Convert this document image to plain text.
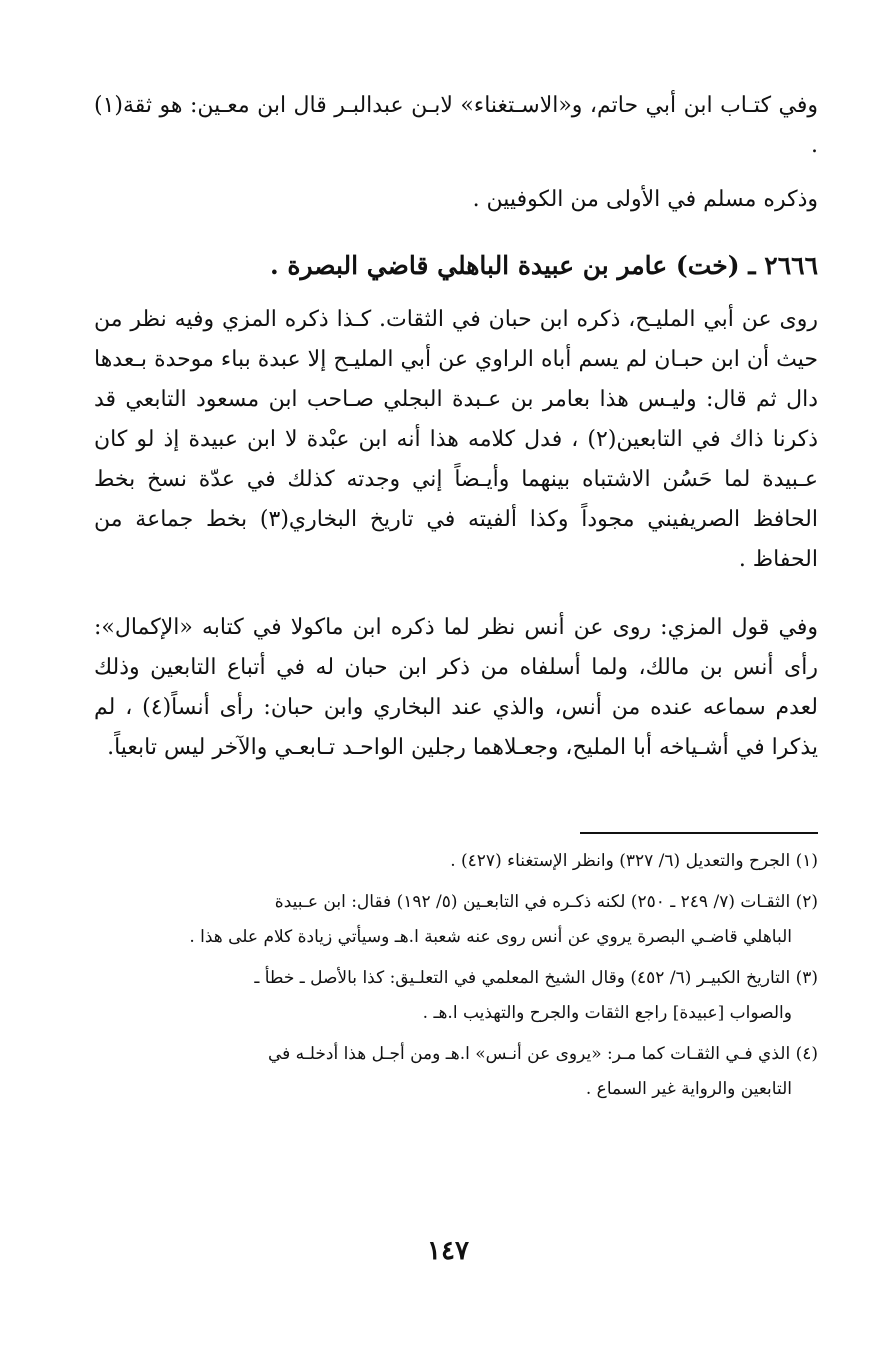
وفي كتـاب ابن أبي حاتم، و«الاسـتغناء» لابـن عبدالبـر قال ابن معـين: هو ثقة(١) .

وذكره مسلم في الأولى من الكوفيين .

٢٦٦٦ ـ (خت) عامر بن عبيدة الباهلي قاضي البصرة .

روى عن أبي المليـح، ذكره ابن حبان في الثقات. كـذا ذكره المزي وفيه نظر من حيث أن ابن حبـان لم يسم أباه الراوي عن أبي المليـح إلا عبدة بباء موحدة بـعدها دال ثم قال: وليـس هذا بعامر بن عـبدة البجلي صـاحب ابن مسعود التابعي قد ذكرنا ذاك في التابعين(٢) ، فدل كلامه هذا أنه ابن عبْدة لا ابن عبيدة إذ لو كان عـبيدة لما حَسُن الاشتباه بينهما وأيـضاً إني وجدته كذلك في عدّة نسخ بخط الحافظ الصريفيني مجوداً وكذا ألفيته في تاريخ البخاري(٣) بخط جماعة من الحفاظ .

وفي قول المزي: روى عن أنس نظر لما ذكره ابن ماكولا في كتابه «الإكمال»: رأى أنس بن مالك، ولما أسلفاه من ذكر ابن حبان له في أتباع التابعين وذلك لعدم سماعه عنده من أنس، والذي عند البخاري وابن حبان: رأى أنساً(٤) ، لم يذكرا في أشـياخه أبا المليح، وجعـلاهما رجلين الواحـد تـابعـي والآخر ليس تابعياً.

(١) الجرح والتعديل (٦/ ٣٢٧) وانظر الإستغناء (٤٢٧) .
(٢) الثقـات (٧/ ٢٤٩ ـ ٢٥٠) لكنه ذكـره في التابعـين (٥/ ١٩٢) فقال: ابن عـبيدة
الباهلي قاضـي البصرة يروي عن أنس روى عنه شعبة ا.هـ وسيأتي زيادة كلام على هذا .
(٣) التاريخ الكبيـر (٦/ ٤٥٢) وقال الشيخ المعلمي في التعلـيق: كذا بالأصل ـ خطأ ـ
والصواب [عبيدة] راجع الثقات والجرح والتهذيب ا.هـ .
(٤) الذي فـي الثقـات كما مـر: «يروى عن أنـس» ا.هـ ومن أجـل هذا أدخلـه في
التابعين والرواية غير السماع .
١٤٧
